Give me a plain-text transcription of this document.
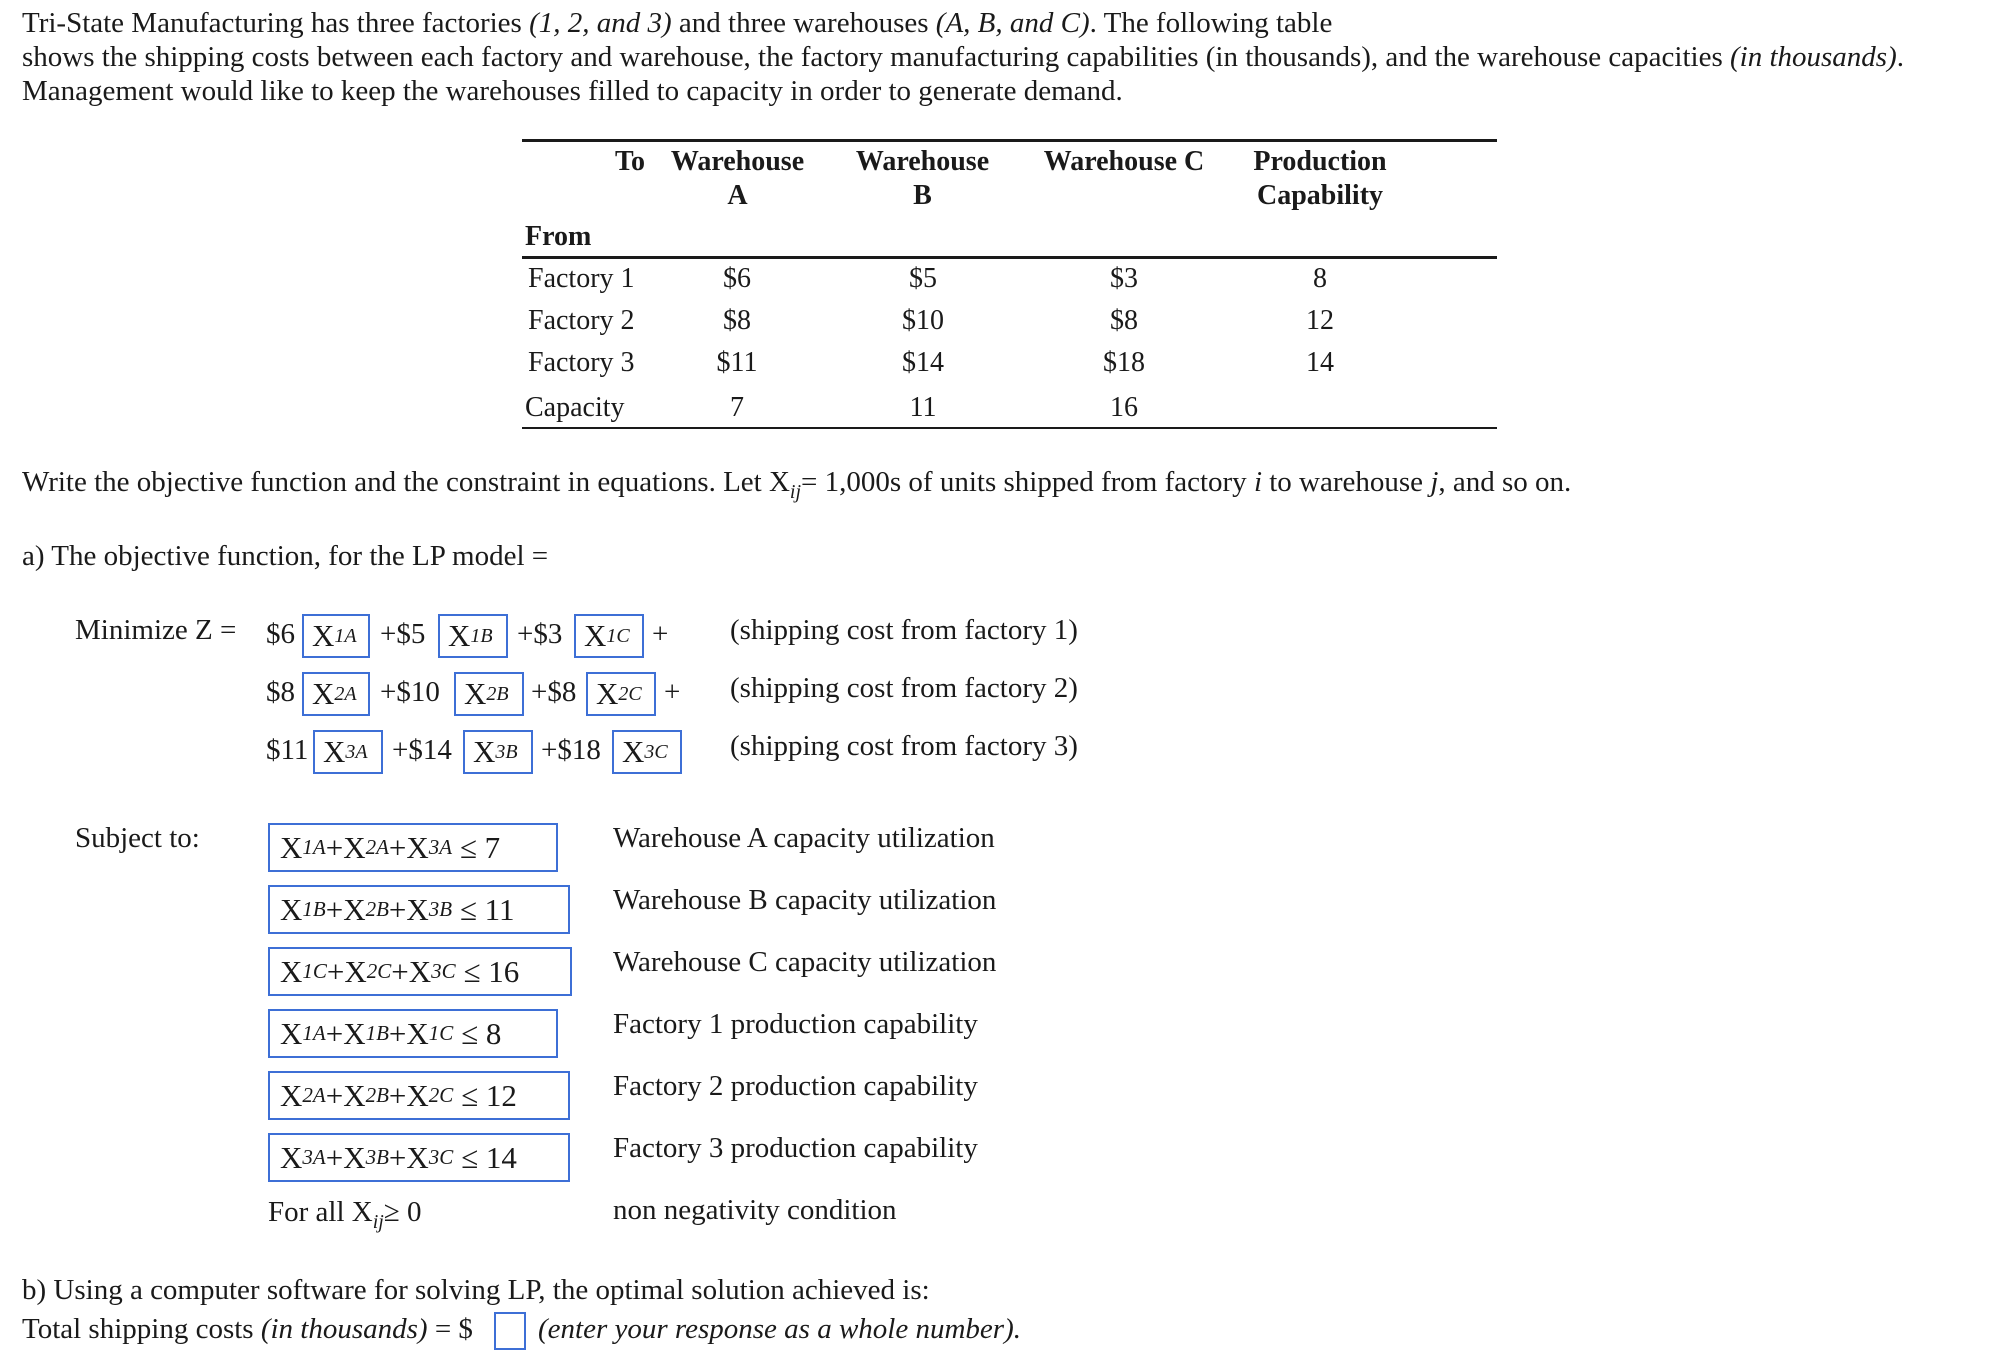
Tri-State Manufacturing has three factories (1, 2, and 3) and three warehouses (A, B, and C). The following table
shows the shipping costs between each factory and warehouse, the factory manufacturing capabilities (in thousands), and the warehouse capacities (in thousands).
Management would like to keep the warehouses filled to capacity in order to generate demand.
To Warehouse
A
Warehouse
B
Warehouse C	Production
Capability
From
Factory 1	$6	$5	$3	8
Factory 2	$8	$10	$8	12
Factory 3	$11	$14	$18	14
Capacity	7	11	16
Write the objective function and the constraint in equations. Let $X_{ij}= 1,000s$ of units shipped from factory i to warehouse j, and so on.
a) The objective function, for the LP model =
Minimize Z = $6 X 1A +$5 X 1B +$3 X 1C + (shipping cost from factory 1)
$8 X 2A +$10 X 2B +$8 X 2C + (shipping cost from factory 2)
$11 X 3A +$14 X 3B +$18 X 3C (shipping cost from factory 3)
Subject to:	X 1A +X 2A +X 3A
≤ 7	Warehouse A capacity utilization
X 1B +X 2B +X 3B
≤ 11	Warehouse B capacity utilization
X 1C +X 2C +X 3C
≤ 16	Warehouse C capacity utilization
X 1A +X 1B +X 1C
≤ 8	Factory 1 production capability
X 2A +X 2B +X 2C
≤ 12	Factory 2 production capability
X 3A +X 3B +X 3C
≤ 14	Factory 3 production capability
For all $X_{ij}\ge 0$	non negativity condition
b) Using a computer software for solving LP, the optimal solution achieved is:
Total shipping costs (in thousands) = $ (enter your response as a whole number).
